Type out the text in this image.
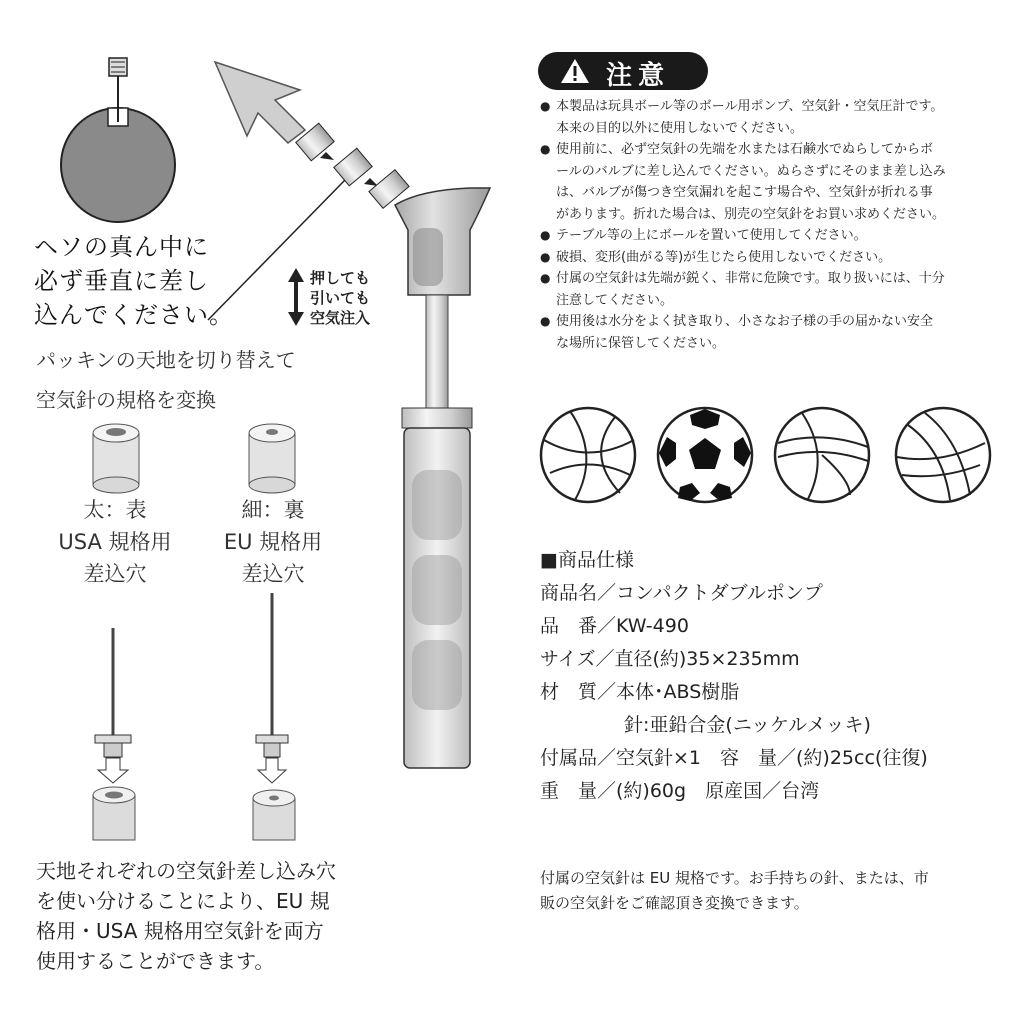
ヘソの真ん中に
必ず垂直に差し
込んでください。
押しても
引いても
空気注入
パッキンの天地を切り替えて
空気針の規格を変換
太：表
USA 規格用
差込穴
細：裏
EU 規格用
差込穴
天地それぞれの空気針差し込み穴
を使い分けることにより、EU 規
格用・USA 規格用空気針を両方
使用することができます。
注意
● 本製品は玩具ボール等のボール用ポンプ、空気針・空気圧計です。
本来の目的以外に使用しないでください。
● 使用前に、必ず空気針の先端を水または石鹸水でぬらしてからボ
ールのバルブに差し込んでください。ぬらさずにそのまま差し込み
は、バルブが傷つき空気漏れを起こす場合や、空気針が折れる事
があります。折れた場合は、別売の空気針をお買い求めください。
● テーブル等の上にボールを置いて使用してください。
● 破損、変形(曲がる等)が生じたら使用しないでください。
● 付属の空気針は先端が鋭く、非常に危険です。取り扱いには、十分
注意してください。
● 使用後は水分をよく拭き取り、小さなお子様の手の届かない安全
な場所に保管してください。
■商品仕様
商品名／コンパクトダブルポンプ
品　番／KW-490
サイズ／直径(約)35×235mm
材　質／本体･ABS樹脂
針:亜鉛合金(ニッケルメッキ)
付属品／空気針×1　容　量／(約)25cc(往復)
重　量／(約)60g　原産国／台湾
付属の空気針は EU 規格です。お手持ちの針、または、市
販の空気針をご確認頂き変換できます。
